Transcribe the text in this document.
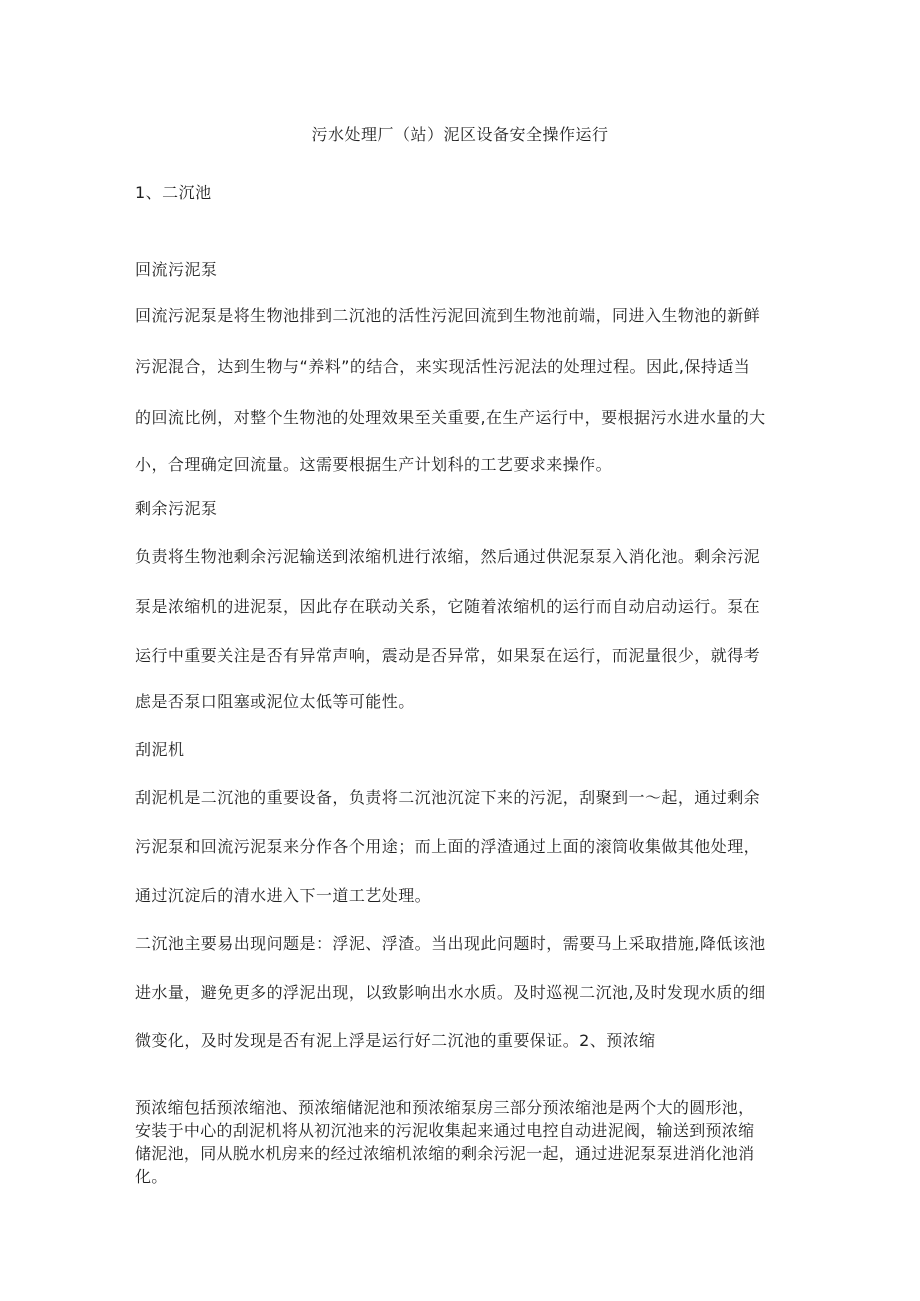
污水处理厂（站）泥区设备安全操作运行
1、二沉池
回流污泥泵
回流污泥泵是将生物池排到二沉池的活性污泥回流到生物池前端，同进入生物池的新鲜
污泥混合，达到生物与“养料”的结合，来实现活性污泥法的处理过程。因此,保持适当
的回流比例，对整个生物池的处理效果至关重要,在生产运行中，要根据污水进水量的大
小，合理确定回流量。这需要根据生产计划科的工艺要求来操作。
剩余污泥泵
负责将生物池剩余污泥输送到浓缩机进行浓缩，然后通过供泥泵泵入消化池。剩余污泥
泵是浓缩机的进泥泵，因此存在联动关系，它随着浓缩机的运行而自动启动运行。泵在
运行中重要关注是否有异常声响，震动是否异常，如果泵在运行，而泥量很少，就得考
虑是否泵口阻塞或泥位太低等可能性。
刮泥机
刮泥机是二沉池的重要设备，负责将二沉池沉淀下来的污泥，刮聚到一～起，通过剩余
污泥泵和回流污泥泵来分作各个用途；而上面的浮渣通过上面的滚筒收集做其他处理，
通过沉淀后的清水进入下一道工艺处理。
二沉池主要易出现问题是：浮泥、浮渣。当出现此问题时，需要马上采取措施,降低该池
进水量，避免更多的浮泥出现，以致影响出水水质。及时巡视二沉池,及时发现水质的细
微变化，及时发现是否有泥上浮是运行好二沉池的重要保证。2、预浓缩
预浓缩包括预浓缩池、预浓缩储泥池和预浓缩泵房三部分预浓缩池是两个大的圆形池，
安装于中心的刮泥机将从初沉池来的污泥收集起来通过电控自动进泥阀，输送到预浓缩
储泥池，同从脱水机房来的经过浓缩机浓缩的剩余污泥一起，通过进泥泵泵进消化池消
化。
